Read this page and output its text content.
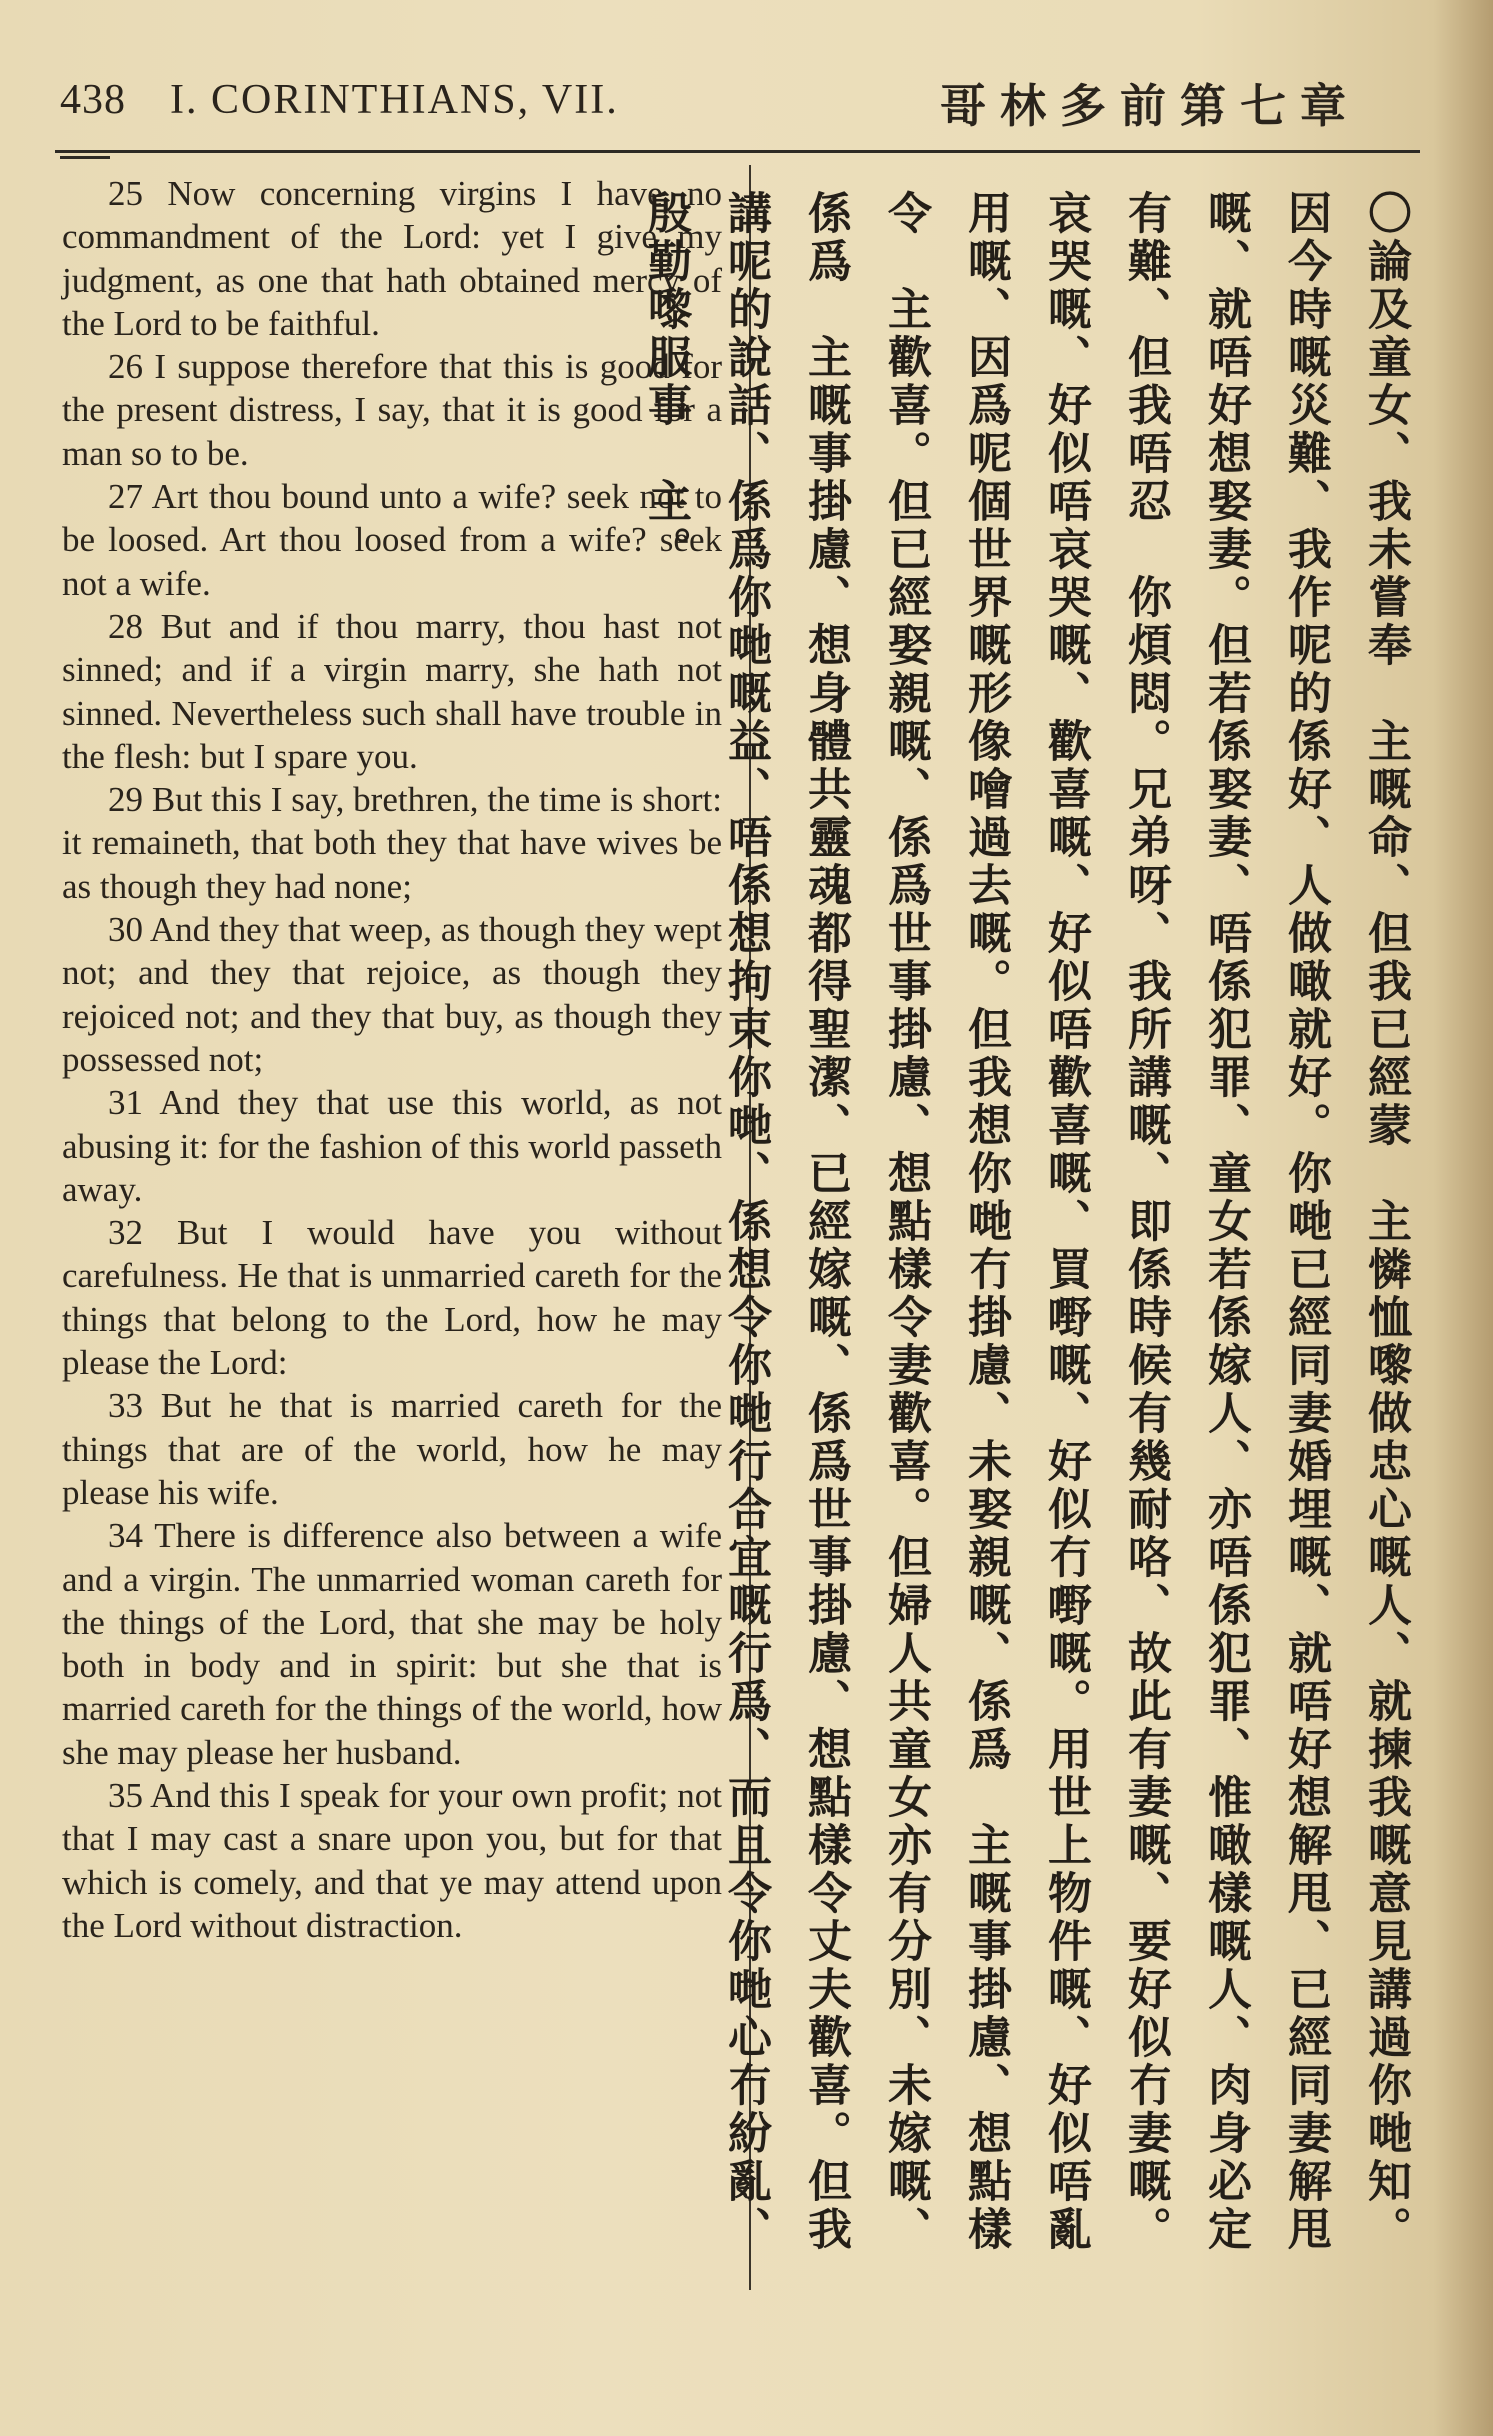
438 I. CORINTHIANS, VII.	哥林多前第七章

25 Now concerning virgins I have no commandment of the Lord: yet I give my judgment, as one that hath obtained mercy of the Lord to be faithful.

26 I suppose therefore that this is good for the present distress, I say, that it is good for a man so to be.

27 Art thou bound unto a wife? seek not to be loosed. Art thou loosed from a wife? seek not a wife.

28 But and if thou marry, thou hast not sinned; and if a virgin marry, she hath not sinned. Nevertheless such shall have trouble in the flesh: but I spare you.

29 But this I say, brethren, the time is short: it remaineth, that both they that have wives be as though they had none;

30 And they that weep, as though they wept not; and they that rejoice, as though they rejoiced not; and they that buy, as though they possessed not;

31 And they that use this world, as not abusing it: for the fashion of this world passeth away.

32 But I would have you without carefulness. He that is unmarried careth for the things that belong to the Lord, how he may please the Lord:

33 But he that is married careth for the things that are of the world, how he may please his wife.

34 There is difference also between a wife and a virgin. The unmarried woman careth for the things of the Lord, that she may be holy both in body and in spirit: but she that is married careth for the things of the world, how she may please her husband.

35 And this I speak for your own profit; not that I may cast a snare upon you, but for that which is comely, and that ye may attend upon the Lord without distraction.	〇論及童女、我未嘗奉　主嘅命、但我已經蒙　主憐恤嚟做忠心嘅人、就揀我嘅意見講過你哋知。因今時嘅災難、我作呢的係好、人做噉就好。你哋已經同妻婚埋嘅、就唔好想解甩、已經同妻解甩嘅、就唔好想娶妻。但若係娶妻、唔係犯罪、童女若係嫁人、亦唔係犯罪、惟噉樣嘅人、肉身必定有難、但我唔忍　你煩悶。兄弟呀、我所講嘅、即係時候有幾耐咯、故此有妻嘅、要好似冇妻嘅。哀哭嘅、好似唔哀哭嘅、歡喜嘅、好似唔歡喜嘅、買嘢嘅、好似冇嘢嘅。用世上物件嘅、好似唔亂用嘅、因爲呢個世界嘅形像噲過去嘅。但我想你哋冇掛慮、未娶親嘅、係爲　主嘅事掛慮、想點樣令　主歡喜。但已經娶親嘅、係爲世事掛慮、想點樣令妻歡喜。但婦人共童女亦有分別、未嫁嘅、係爲　主嘅事掛慮、想身體共靈魂都得聖潔、已經嫁嘅、係爲世事掛慮、想點樣令丈夫歡喜。但我講呢的說話、係爲你哋嘅益、唔係想拘束你哋、係想令你哋行合宜嘅行爲、而且令你哋心冇紛亂、殷勤嚟服事　主。
